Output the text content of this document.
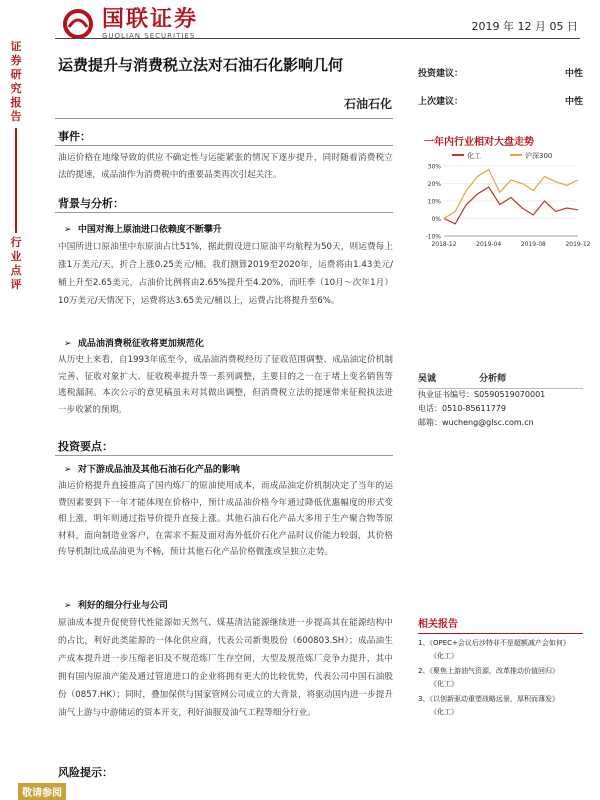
国联证券
GUOLIAN SECURITIES
2019 年 12 月 05 日
证券研究报告
行业点评
运费提升与消费税立法对石油石化影响几何
石油石化
投资建议：	中性
上次建议：	中性
事件：
油运价格在地缘导致的供应不确定性与运能紧张的情况下逐步提升，同时随着消费税立法的提速，成品油作为消费税中的重要品类再次引起关注。
背景与分析：
➢  中国对海上原油进口依赖度不断攀升
中国所进口原油里中东原油占比51%，据此假设进口原油平均航程为50天，则运费每上涨1万美元/天，折合上涨0.25美元/桶。我们测算2019至2020年，运费将由1.43美元/桶上升至2.65美元，占油价比例将由2.65%提升至4.20%，而旺季（10月～次年1月）10万美元/天情况下，运费将达3.65美元/桶以上，运费占比将提升至6%。
➢  成品油消费税征收将更加规范化
从历史上来看，自1993年底至今，成品油消费税经历了征收范围调整、成品油定价机制完善、征收对象扩大、征收税率提升等一系列调整，主要目的之一在于堵上变名销售等逃税漏洞。本次公示的意见稿虽未对其做出调整，但消费税立法的提速带来征税执法进一步收紧的预期。
投资要点：
➢  对下游成品油及其他石油石化产品的影响
油运价格提升直接推高了国内炼厂的原油使用成本，而成品油定价机制决定了当年的运费因素要到下一年才能体现在价格中，预计成品油价格今年通过降低优惠幅度的形式变相上涨，明年则通过指导价提升直接上涨。其他石油石化产品大多用于生产聚合物等原材料，面向制造业客户，在需求不振及面对海外低价石化产品时议价能力较弱，其价格传导机制比成品油更为不畅，预计其他石化产品价格微涨或呈独立走势。
➢  利好的细分行业与公司
原油成本提升促使替代性能源如天然气、煤基清洁能源继续进一步提高其在能源结构中的占比，利好此类能源的一体化供应商，代表公司新奥股份（600803.SH）；成品油生产成本提升进一步压缩老旧及不规范炼厂生存空间，大型及规范炼厂竞争力提升，其中拥有国内原油产能及通过管道进口的企业将拥有更大的比较优势，代表公司中国石油股份（0857.HK）；同时，叠加保供与国家管网公司成立的大背景，将驱动国内进一步提升油气上游与中游储运的资本开支，利好油服及油气工程等细分行业。
风险提示：
一年内行业相对大盘走势
化工	沪深300
30%
20%
10%
0%
-10%
2018-12	2019-04	2019-08	2019-12
吴诚	分析师
执业证书编号：S0590519070001
电话：0510-85611779
邮箱：wucheng@glsc.com.cn
相关报告
1、《OPEC+会议后沙特非不是超额减产会如何》
《化工》
2、《聚焦上游油气资源，改革推动价值回归》
《化工》
3、《以创新驱动重塑战略远景，厚积而薄发》
《化工》
敬请参阅
